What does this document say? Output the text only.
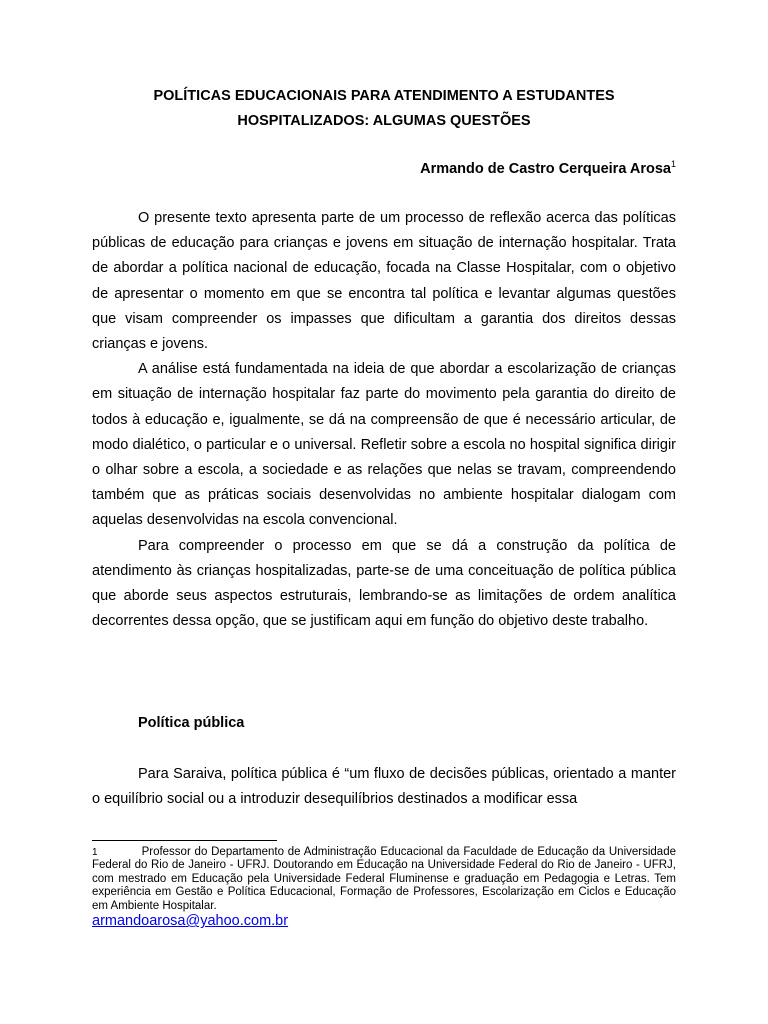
POLÍTICAS EDUCACIONAIS PARA ATENDIMENTO A ESTUDANTES
HOSPITALIZADOS: ALGUMAS QUESTÕES
Armando de Castro Cerqueira Arosa$^1$

O presente texto apresenta parte de um processo de reflexão acerca das políticas públicas de educação para crianças e jovens em situação de internação hospitalar. Trata de abordar a política nacional de educação, focada na Classe Hospitalar, com o objetivo de apresentar o momento em que se encontra tal política e levantar algumas questões que visam compreender os impasses que dificultam a garantia dos direitos dessas crianças e jovens.

A análise está fundamentada na ideia de que abordar a escolarização de crianças em situação de internação hospitalar faz parte do movimento pela garantia do direito de todos à educação e, igualmente, se dá na compreensão de que é necessário articular, de modo dialético, o particular e o universal. Refletir sobre a escola no hospital significa dirigir o olhar sobre a escola, a sociedade e as relações que nelas se travam, compreendendo também que as práticas sociais desenvolvidas no ambiente hospitalar dialogam com aquelas desenvolvidas na escola convencional.

Para compreender o processo em que se dá a construção da política de atendimento às crianças hospitalizadas, parte-se de uma conceituação de política pública que aborde seus aspectos estruturais, lembrando-se as limitações de ordem analítica decorrentes dessa opção, que se justificam aqui em função do objetivo deste trabalho.

Política pública

Para Saraiva, política pública é “um fluxo de decisões públicas, orientado a manter o equilíbrio social ou a introduzir desequilíbrios destinados a modificar essa

1	Professor do Departamento de Administração Educacional da Faculdade de Educação da Universidade Federal do Rio de Janeiro - UFRJ. Doutorando em Educação na Universidade Federal do Rio de Janeiro - UFRJ, com mestrado em Educação pela Universidade Federal Fluminense e graduação em Pedagogia e Letras. Tem experiência em Gestão e Política Educacional, Formação de Professores, Escolarização em Ciclos e Educação em Ambiente Hospitalar.
armandoarosa@yahoo.com.br
